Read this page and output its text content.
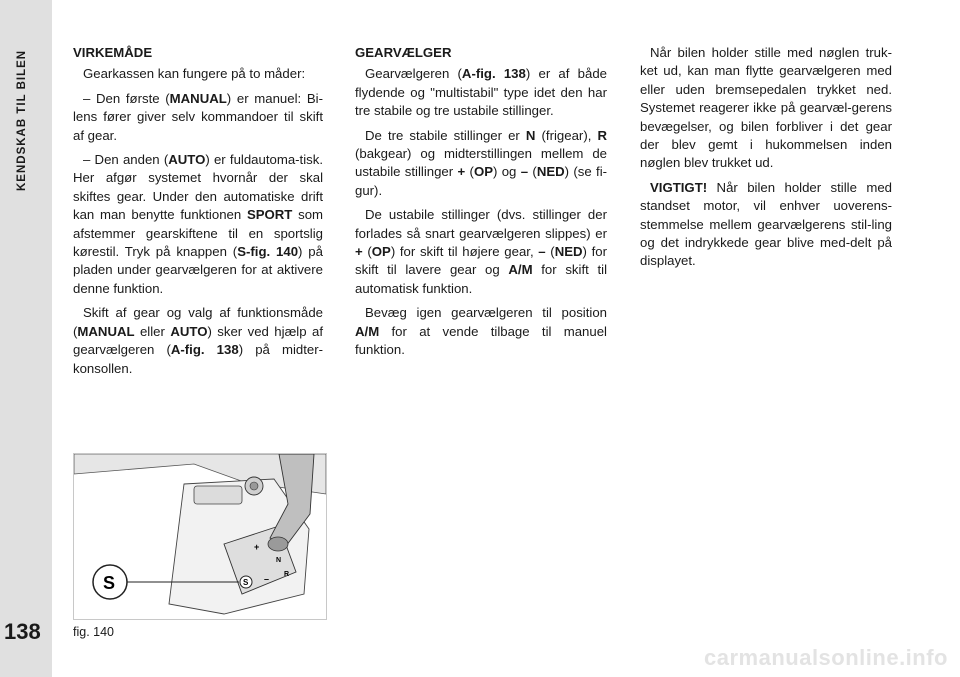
KENDSKAB TIL BILEN
138
VIRKEMÅDE

Gearkassen kan fungere på to måder:

– Den første (MANUAL) er manuel: Bi-lens fører giver selv kommandoer til skift af gear.

– Den anden (AUTO) er fuldautoma-tisk. Her afgør systemet hvornår der skal skiftes gear. Under den automatiske drift kan man benytte funktionen SPORT som afstemmer gearskiftene til en sportslig kørestil. Tryk på knappen (S-fig. 140) på pladen under gearvælgeren for at aktivere denne funktion.

Skift af gear og valg af funktionsmåde (MANUAL eller AUTO) sker ved hjælp af gearvælgeren (A-fig. 138) på midter-konsollen.

GEARVÆLGER

Gearvælgeren (A-fig. 138) er af både flydende og "multistabil" type idet den har tre stabile og tre ustabile stillinger.

De tre stabile stillinger er N (frigear), R (bakgear) og midterstillingen mellem de ustabile stillinger + (OP) og – (NED) (se fi-gur).

De ustabile stillinger (dvs. stillinger der forlades så snart gearvælgeren slippes) er + (OP) for skift til højere gear, – (NED) for skift til lavere gear og A/M for skift til automatisk funktion.

Bevæg igen gearvælgeren til position A/M for at vende tilbage til manuel funktion.

Når bilen holder stille med nøglen truk-ket ud, kan man flytte gearvælgeren med eller uden bremsepedalen trykket ned. Systemet reagerer ikke på gearvæl-gerens bevægelser, og bilen forbliver i det gear der blev gemt i hukommelsen inden nøglen blev trukket ud.

VIGTIGT! Når bilen holder stille med standset motor, vil enhver uoverens-stemmelse mellem gearvælgerens stil-ling og det indrykkede gear blive med-delt på displayet.

+
–
N
R
S
S
fig. 140
carmanualsonline.info
